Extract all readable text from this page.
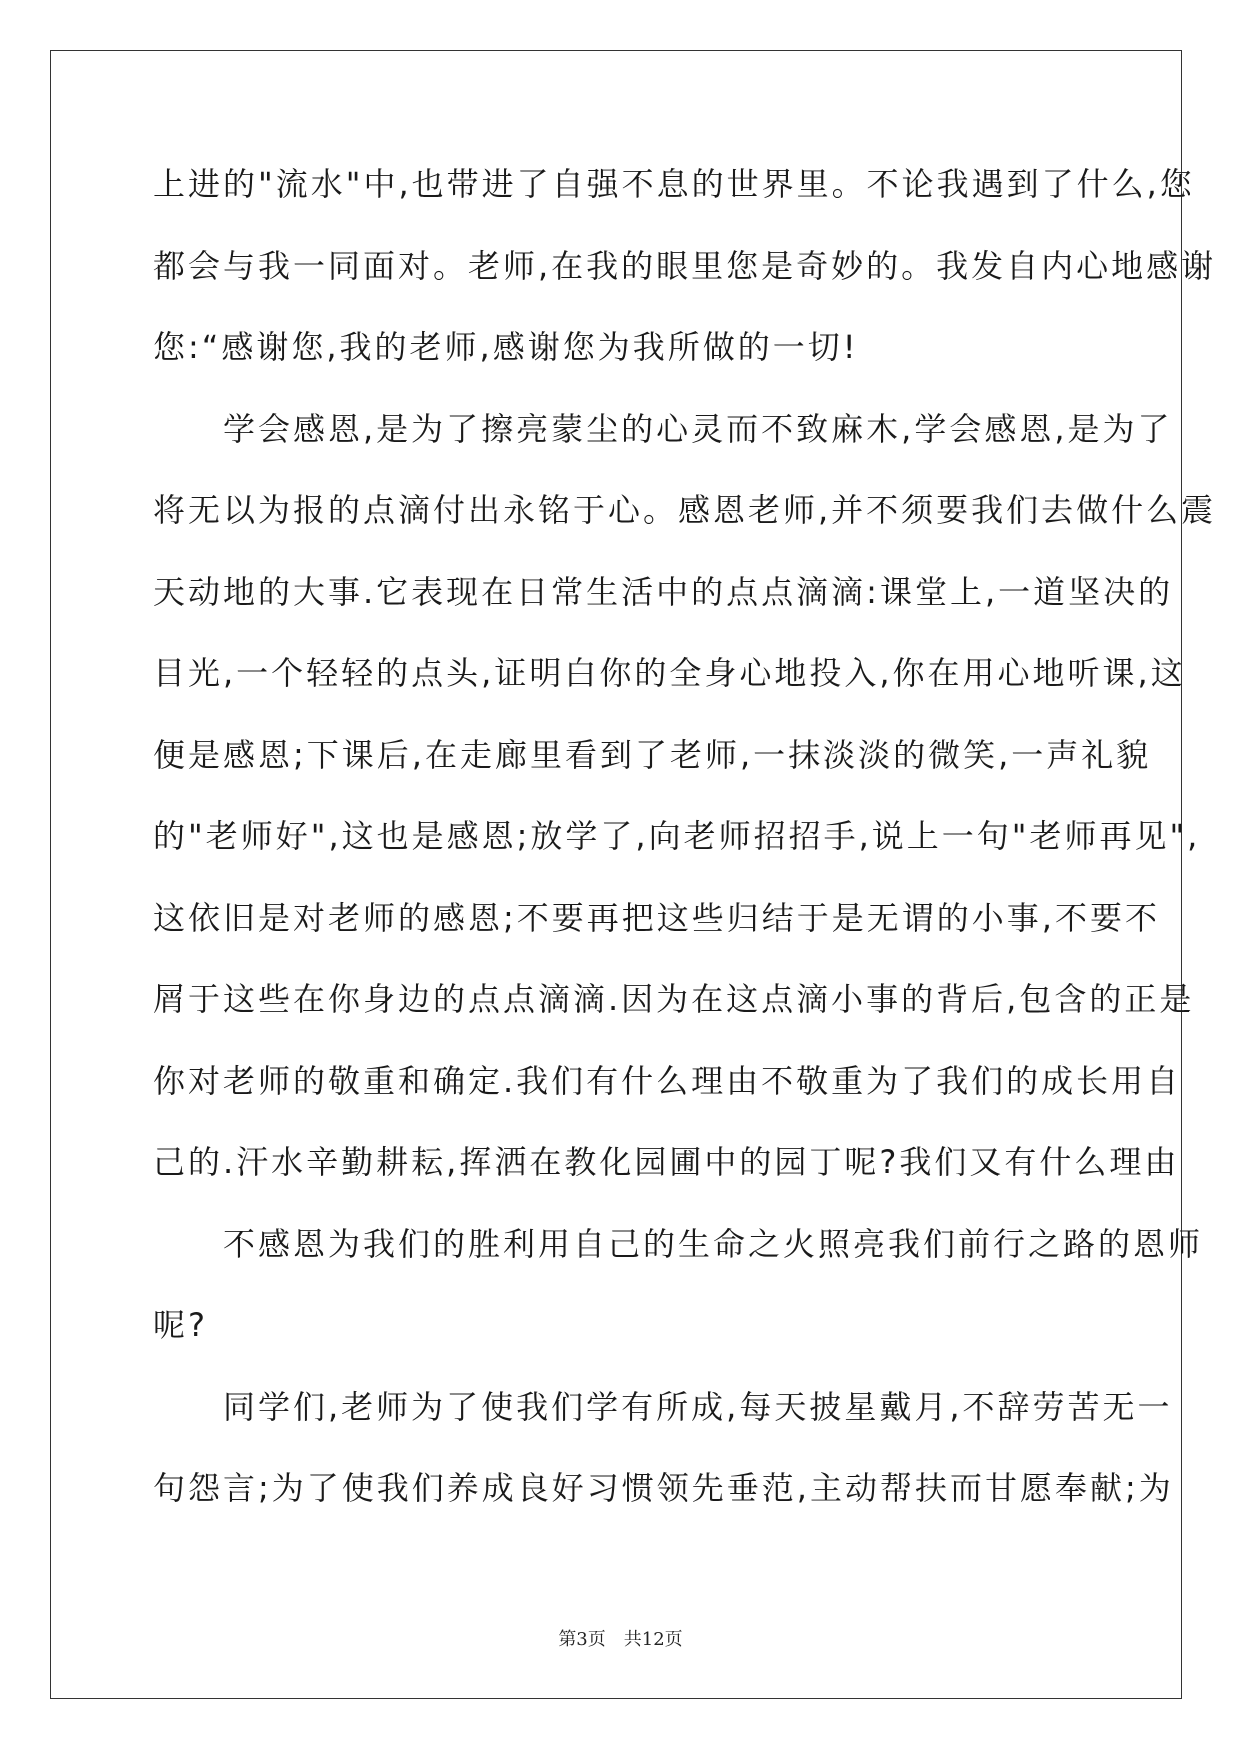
上进的"流水"中,也带进了自强不息的世界里。不论我遇到了什么,您
都会与我一同面对。老师,在我的眼里您是奇妙的。我发自内心地感谢
您:“感谢您,我的老师,感谢您为我所做的一切!
　　学会感恩,是为了擦亮蒙尘的心灵而不致麻木,学会感恩,是为了
将无以为报的点滴付出永铭于心。感恩老师,并不须要我们去做什么震
天动地的大事.它表现在日常生活中的点点滴滴:课堂上,一道坚决的
目光,一个轻轻的点头,证明白你的全身心地投入,你在用心地听课,这
便是感恩;下课后,在走廊里看到了老师,一抹淡淡的微笑,一声礼貌
的"老师好",这也是感恩;放学了,向老师招招手,说上一句"老师再见",
这依旧是对老师的感恩;不要再把这些归结于是无谓的小事,不要不
屑于这些在你身边的点点滴滴.因为在这点滴小事的背后,包含的正是
你对老师的敬重和确定.我们有什么理由不敬重为了我们的成长用自
己的.汗水辛勤耕耘,挥洒在教化园圃中的园丁呢?我们又有什么理由
　　不感恩为我们的胜利用自己的生命之火照亮我们前行之路的恩师
呢?
　　同学们,老师为了使我们学有所成,每天披星戴月,不辞劳苦无一
句怨言;为了使我们养成良好习惯领先垂范,主动帮扶而甘愿奉献;为
第3页　共12页
